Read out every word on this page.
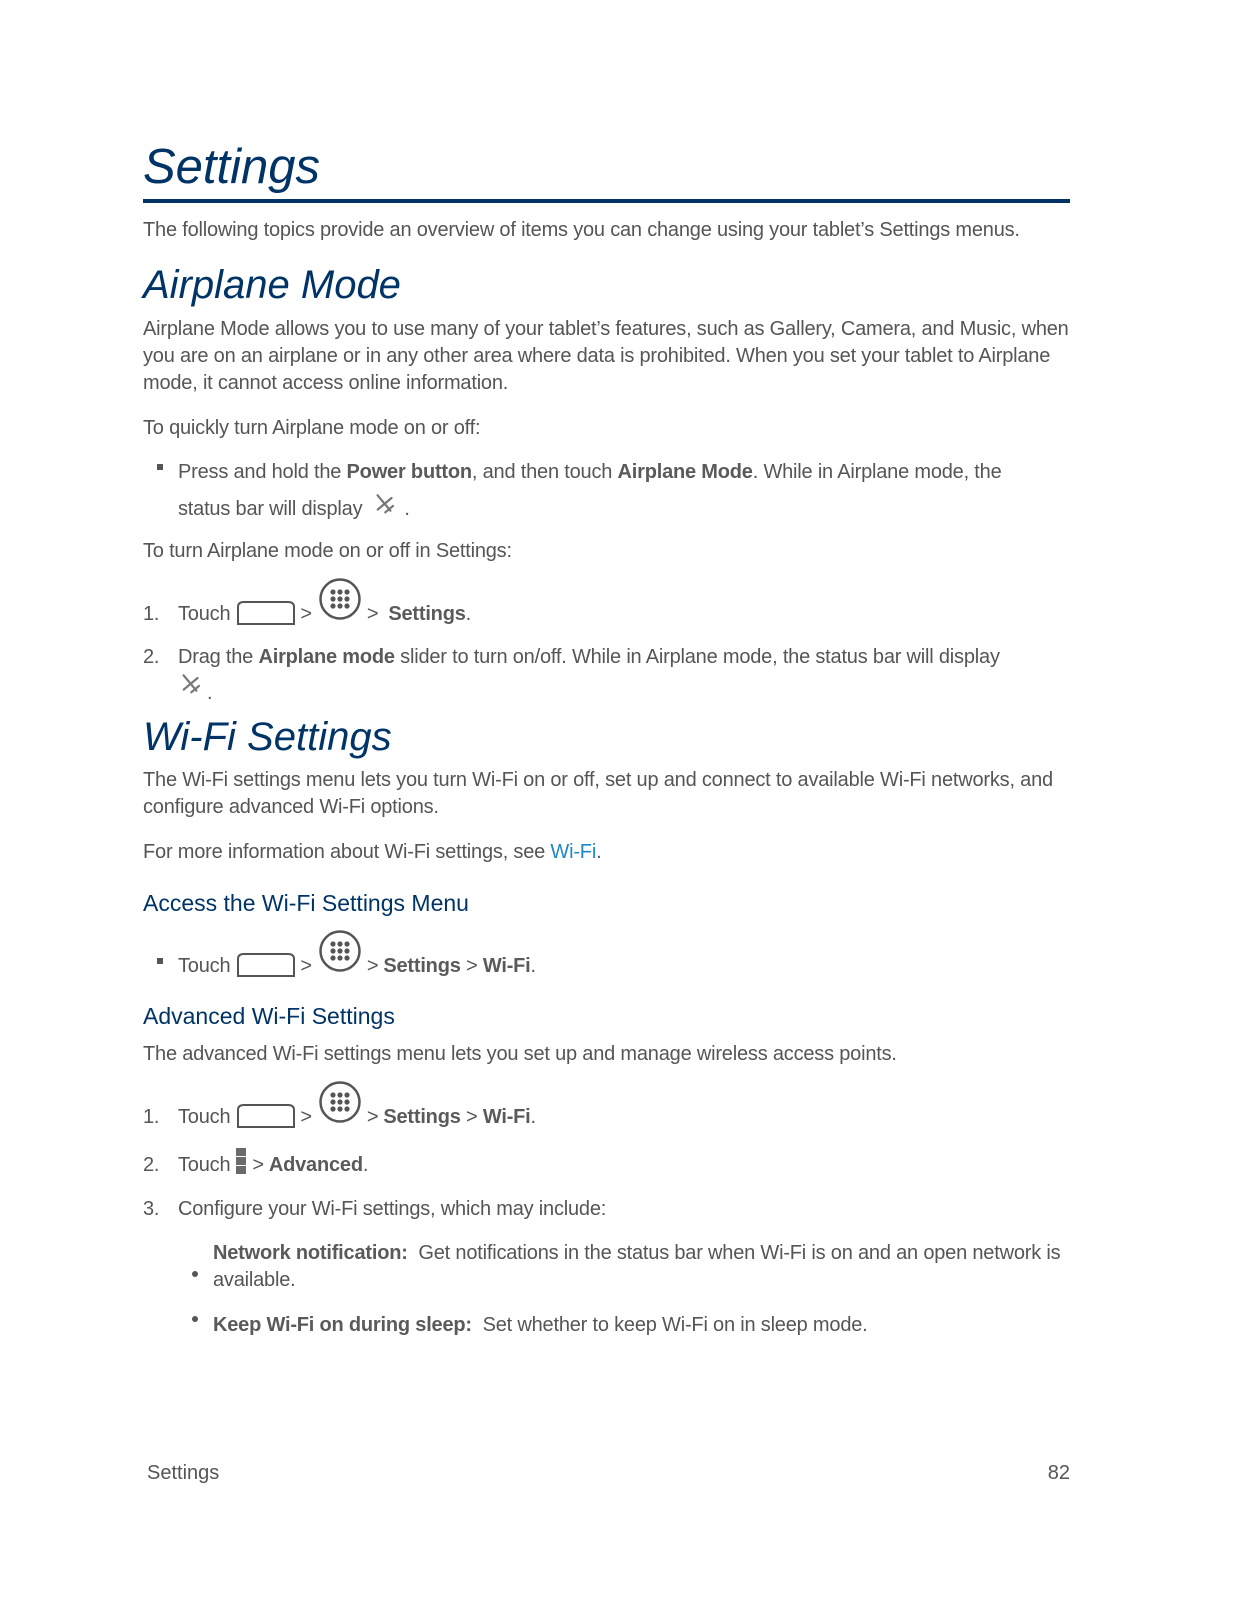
Settings

The following topics provide an overview of items you can change using your tablet’s Settings menus.

Airplane Mode

Airplane Mode allows you to use many of your tablet’s features, such as Gallery, Camera, and Music, when you are on an airplane or in any other area where data is prohibited. When you set your tablet to Airplane mode, it cannot access online information.

To quickly turn Airplane mode on or off:

Press and hold the Power button, and then touch Airplane Mode. While in Airplane mode, the
status bar will display .

To turn Airplane mode on or off in Settings:

1. Touch	>	> Settings .
2. Drag the Airplane mode slider to turn on/off. While in Airplane mode, the status bar will display
.
Wi-Fi Settings

The Wi-Fi settings menu lets you turn Wi-Fi on or off, set up and connect to available Wi-Fi networks, and configure advanced Wi-Fi options.

For more information about Wi-Fi settings, see Wi-Fi.

Access the Wi-Fi Settings Menu
Touch	>	> Settings > Wi-Fi .
Advanced Wi-Fi Settings

The advanced Wi-Fi settings menu lets you set up and manage wireless access points.

1. Touch	>	> Settings > Wi-Fi .
2. Touch > Advanced .
3. Configure your Wi-Fi settings, which may include:
Network notification: Get notifications in the status bar when Wi-Fi is on and an open network is available.
Keep Wi-Fi on during sleep: Set whether to keep Wi-Fi on in sleep mode.
Settings	82
